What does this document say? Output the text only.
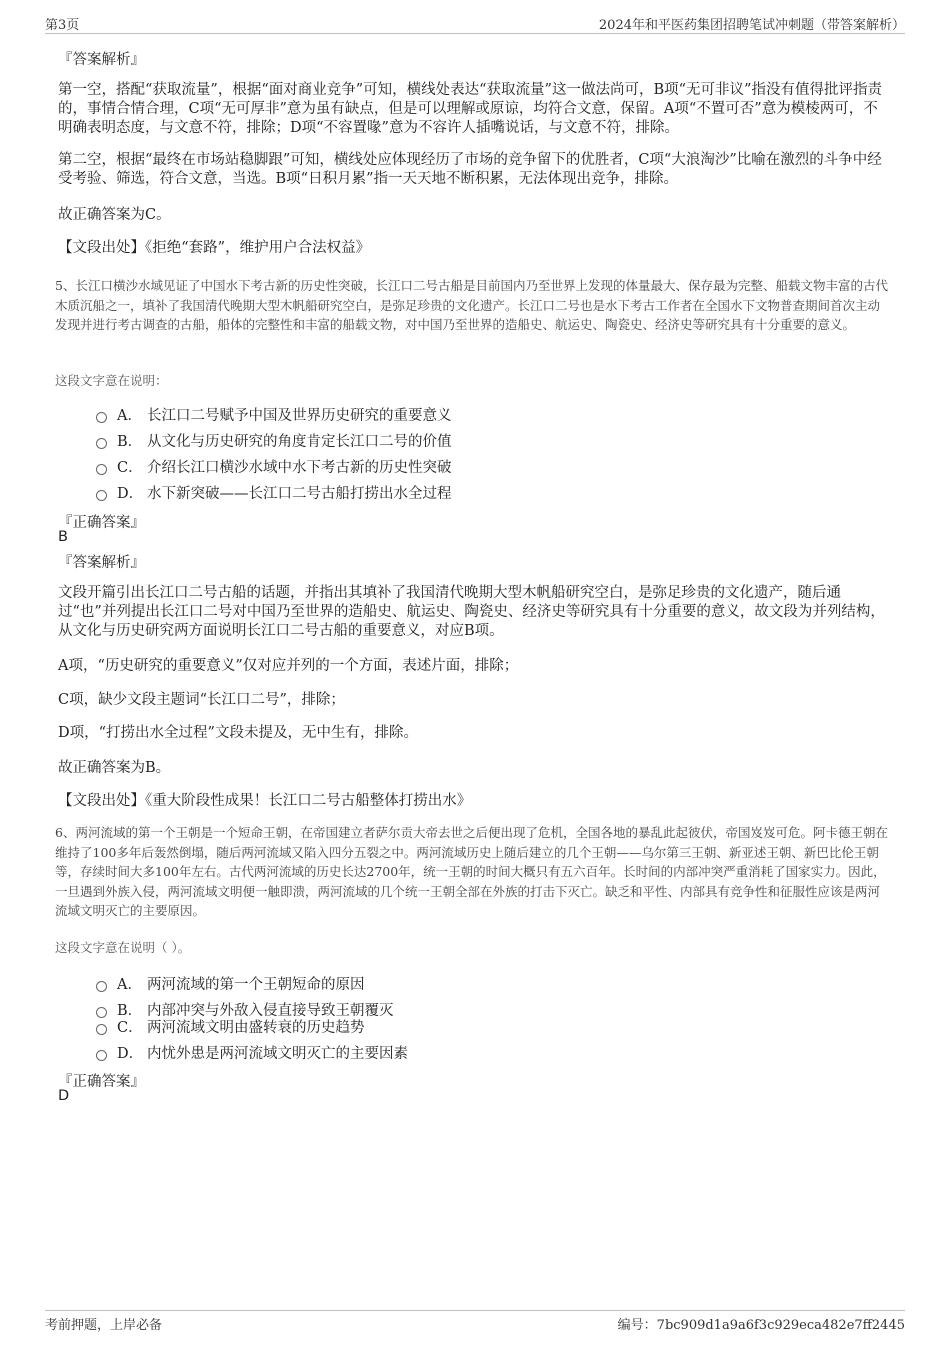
第3页	2024年和平医药集团招聘笔试冲刺题（带答案解析）
『答案解析』
第一空，搭配“获取流量”，根据“面对商业竞争”可知，横线处表达“获取流量”这一做法尚可，B项“无可非议”指没有值得批评指责的，事情合情合理，C项“无可厚非”意为虽有缺点，但是可以理解或原谅，均符合文意，保留。A项“不置可否”意为模棱两可，不明确表明态度，与文意不符，排除；D项“不容置喙”意为不容许人插嘴说话，与文意不符，排除。
第二空，根据“最终在市场站稳脚跟”可知，横线处应体现经历了市场的竞争留下的优胜者，C项“大浪淘沙”比喻在激烈的斗争中经受考验、筛选，符合文意，当选。B项“日积月累”指一天天地不断积累，无法体现出竞争，排除。
故正确答案为C。
【文段出处】《拒绝“套路”，维护用户合法权益》
5、长江口横沙水域见证了中国水下考古新的历史性突破，长江口二号古船是目前国内乃至世界上发现的体量最大、保存最为完整、船载文物丰富的古代木质沉船之一，填补了我国清代晚期大型木帆船研究空白，是弥足珍贵的文化遗产。长江口二号也是水下考古工作者在全国水下文物普查期间首次主动发现并进行考古调查的古船，船体的完整性和丰富的船载文物，对中国乃至世界的造船史、航运史、陶瓷史、经济史等研究具有十分重要的意义。
这段文字意在说明：
A． 长江口二号赋予中国及世界历史研究的重要意义
B． 从文化与历史研究的角度肯定长江口二号的价值
C． 介绍长江口横沙水域中水下考古新的历史性突破
D． 水下新突破——长江口二号古船打捞出水全过程
『正确答案』
B
『答案解析』
文段开篇引出长江口二号古船的话题，并指出其填补了我国清代晚期大型木帆船研究空白，是弥足珍贵的文化遗产，随后通过“也”并列提出长江口二号对中国乃至世界的造船史、航运史、陶瓷史、经济史等研究具有十分重要的意义，故文段为并列结构，从文化与历史研究两方面说明长江口二号古船的重要意义，对应B项。
A项，“历史研究的重要意义”仅对应并列的一个方面，表述片面，排除；
C项，缺少文段主题词“长江口二号”，排除；
D项，“打捞出水全过程”文段未提及，无中生有，排除。
故正确答案为B。
【文段出处】《重大阶段性成果！长江口二号古船整体打捞出水》
6、两河流域的第一个王朝是一个短命王朝，在帝国建立者萨尔贡大帝去世之后便出现了危机，全国各地的暴乱此起彼伏，帝国岌岌可危。阿卡德王朝在维持了100多年后轰然倒塌，随后两河流域又陷入四分五裂之中。两河流域历史上随后建立的几个王朝——乌尔第三王朝、新亚述王朝、新巴比伦王朝等，存续时间大多100年左右。古代两河流域的历史长达2700年，统一王朝的时间大概只有五六百年。长时间的内部冲突严重消耗了国家实力。因此，一旦遇到外族入侵，两河流域文明便一触即溃，两河流域的几个统一王朝全部在外族的打击下灭亡。缺乏和平性、内部具有竞争性和征服性应该是两河流域文明灭亡的主要原因。
这段文字意在说明（ ）。
A． 两河流域的第一个王朝短命的原因
B． 内部冲突与外敌入侵直接导致王朝覆灭
C． 两河流域文明由盛转衰的历史趋势
D． 内忧外患是两河流域文明灭亡的主要因素
『正确答案』
D
考前押题，上岸必备	编号：7bc909d1a9a6f3c929eca482e7ff2445
